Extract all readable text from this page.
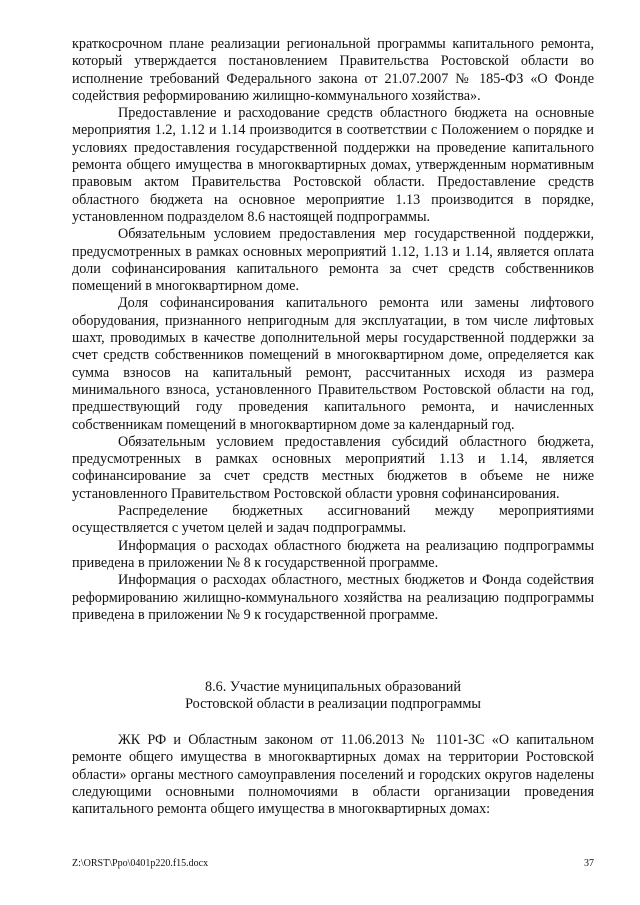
краткосрочном плане реализации региональной программы капитального ремонта, который утверждается постановлением Правительства Ростовской области во исполнение требований Федерального закона от 21.07.2007 № 185-ФЗ «О Фонде содействия реформированию жилищно-коммунального хозяйства».

Предоставление и расходование средств областного бюджета на основные мероприятия 1.2, 1.12 и 1.14 производится в соответствии с Положением о порядке и условиях предоставления государственной поддержки на проведение капитального ремонта общего имущества в многоквартирных домах, утвержденным нормативным правовым актом Правительства Ростовской области. Предоставление средств областного бюджета на основное мероприятие 1.13 производится в порядке, установленном подразделом 8.6 настоящей подпрограммы.

Обязательным условием предоставления мер государственной поддержки, предусмотренных в рамках основных мероприятий 1.12, 1.13 и 1.14, является оплата доли софинансирования капитального ремонта за счет средств собственников помещений в многоквартирном доме.

Доля софинансирования капитального ремонта или замены лифтового оборудования, признанного непригодным для эксплуатации, в том числе лифтовых шахт, проводимых в качестве дополнительной меры государственной поддержки за счет средств собственников помещений в многоквартирном доме, определяется как сумма взносов на капитальный ремонт, рассчитанных исходя из размера минимального взноса, установленного Правительством Ростовской области на год, предшествующий году проведения капитального ремонта, и начисленных собственникам помещений в многоквартирном доме за календарный год.

Обязательным условием предоставления субсидий областного бюджета, предусмотренных в рамках основных мероприятий 1.13 и 1.14, является софинансирование за счет средств местных бюджетов в объеме не ниже установленного Правительством Ростовской области уровня софинансирования.

Распределение бюджетных ассигнований между мероприятиями осуществляется с учетом целей и задач подпрограммы.

Информация о расходах областного бюджета на реализацию подпрограммы приведена в приложении № 8 к государственной программе.

Информация о расходах областного, местных бюджетов и Фонда содействия реформированию жилищно-коммунального хозяйства на реализацию подпрограммы приведена в приложении № 9 к государственной программе.

8.6. Участие муниципальных образований
Ростовской области в реализации подпрограммы

ЖК РФ и Областным законом от 11.06.2013 № 1101-ЗС «О капитальном ремонте общего имущества в многоквартирных домах на территории Ростовской области» органы местного самоуправления поселений и городских округов наделены следующими основными полномочиями в области организации проведения капитального ремонта общего имущества в многоквартирных домах:

Z:\ORST\Ppo\0401p220.f15.docx	37
